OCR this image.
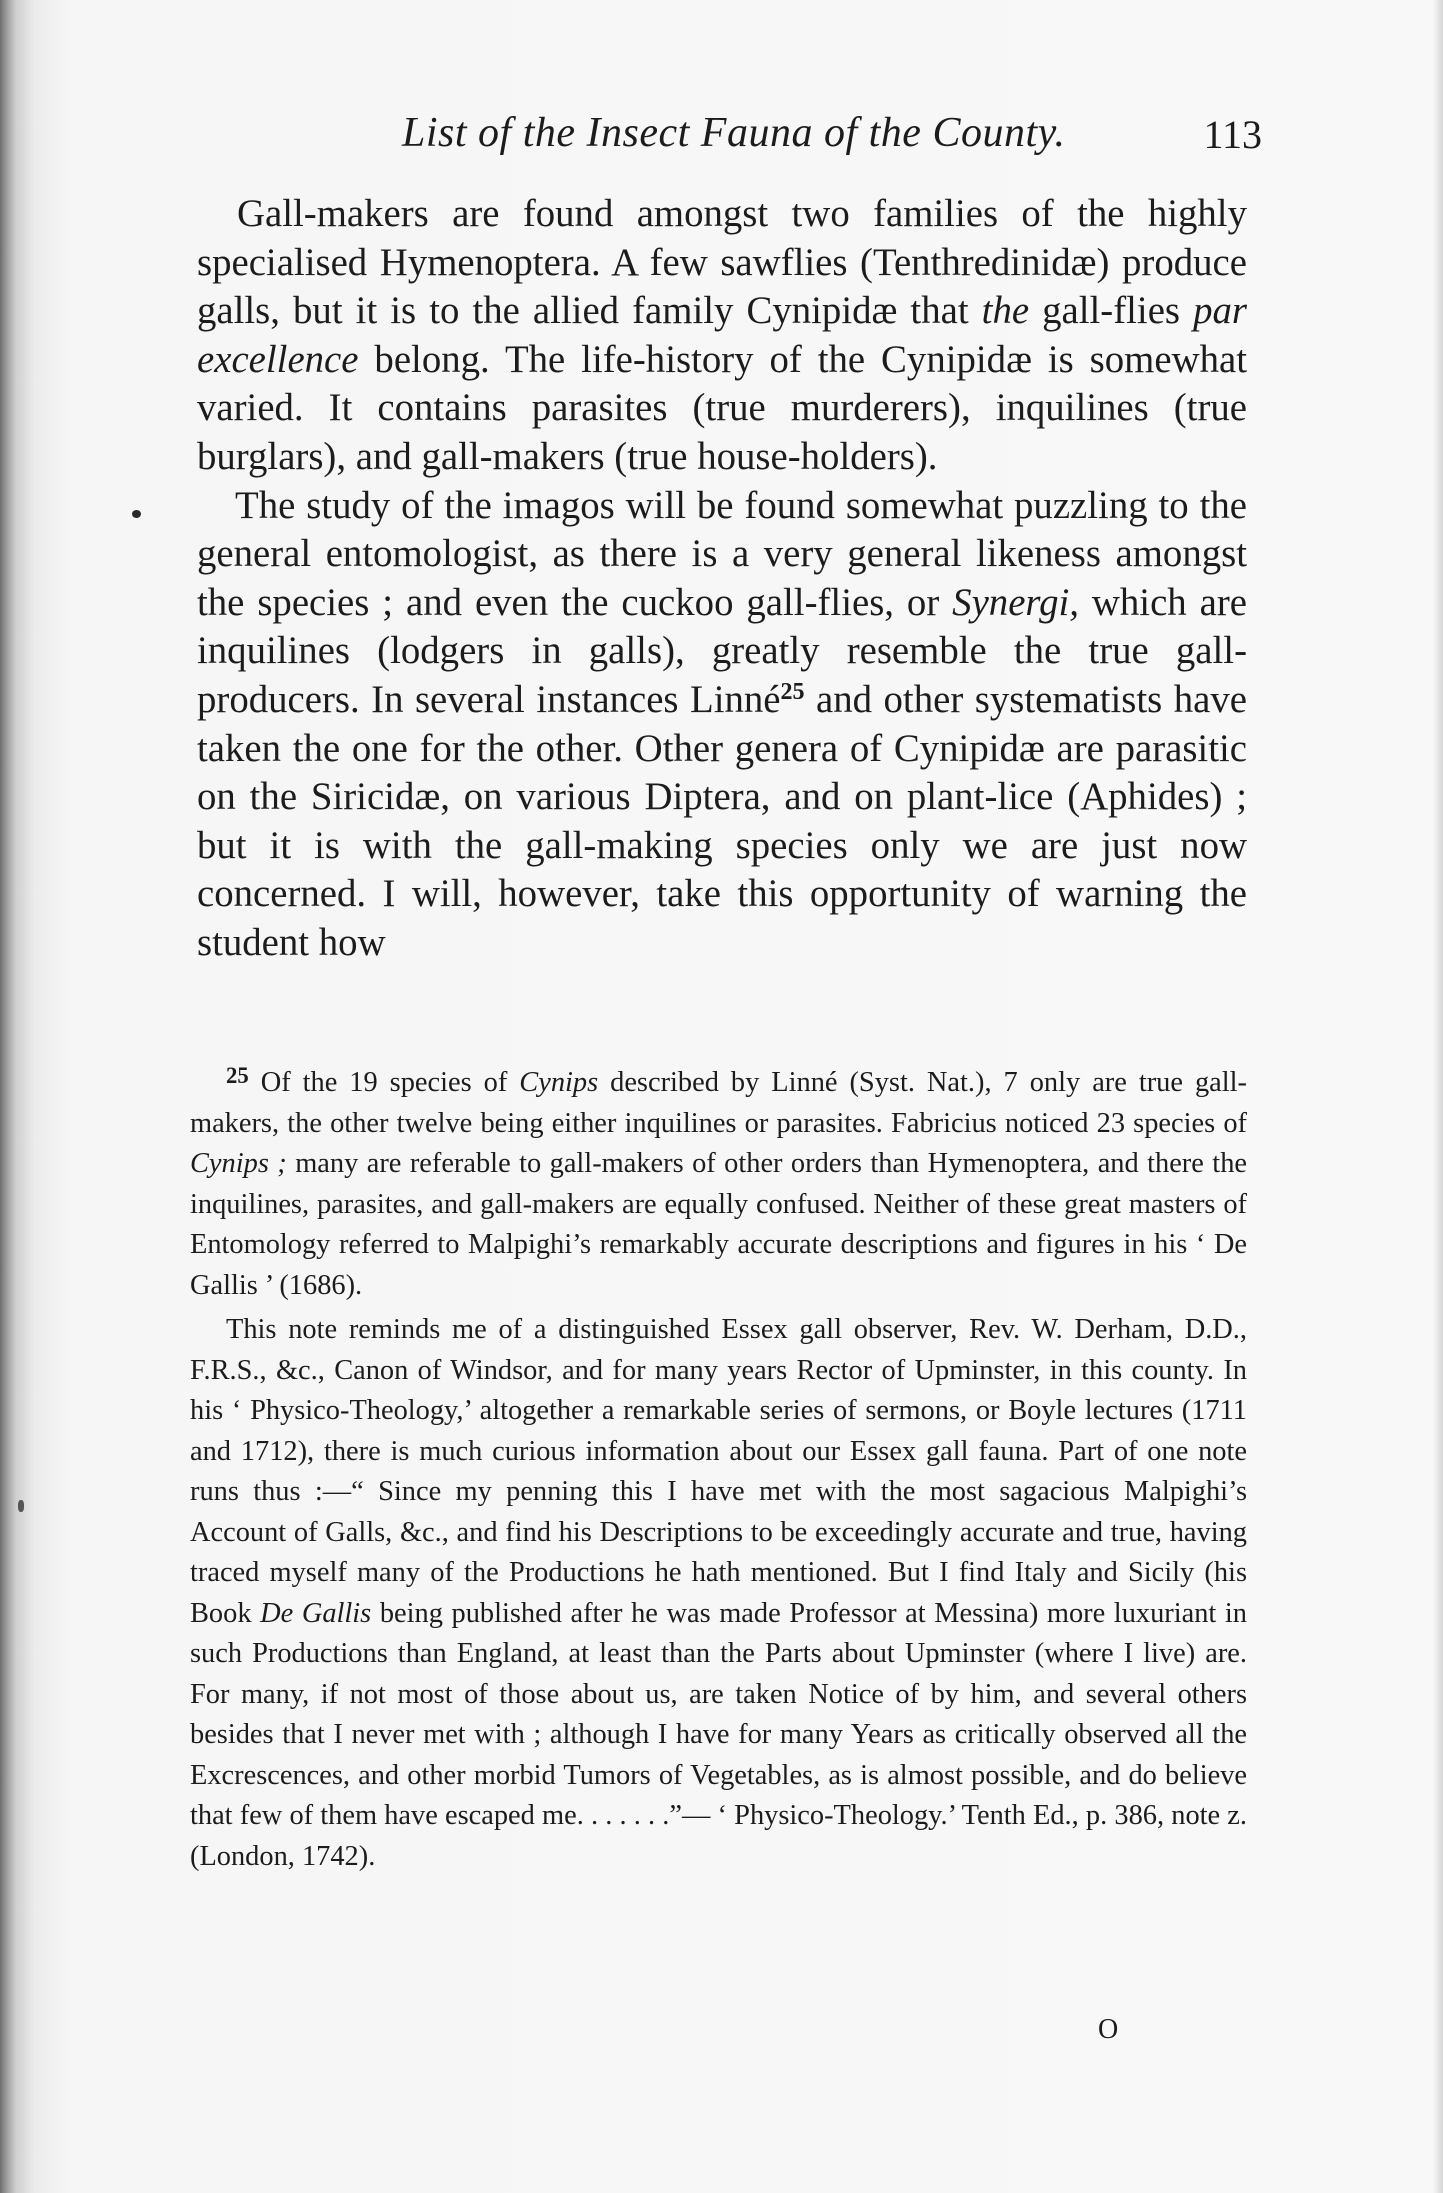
List of the Insect Fauna of the County.	113

Gall-makers are found amongst two families of the highly specialised Hymenoptera. A few sawflies (Tenthredinidæ) produce galls, but it is to the allied family Cynipidæ that the gall-flies par excellence belong. The life-history of the Cynipidæ is somewhat varied. It contains parasites (true murderers), inquilines (true burglars), and gall-makers (true house-holders).

The study of the imagos will be found somewhat puzzling to the general entomologist, as there is a very general likeness amongst the species ; and even the cuckoo gall-flies, or Synergi, which are inquilines (lodgers in galls), greatly resemble the true gall-producers. In several instances Linné$^{25}$ and other systematists have taken the one for the other. Other genera of Cynipidæ are parasitic on the Siricidæ, on various Diptera, and on plant-lice (Aphides) ; but it is with the gall-making species only we are just now concerned. I will, however, take this opportunity of warning the student how

$^{25}$ Of the 19 species of Cynips described by Linné (Syst. Nat.), 7 only are true gall-makers, the other twelve being either inquilines or parasites. Fabricius noticed 23 species of Cynips ; many are referable to gall-makers of other orders than Hymenoptera, and there the inquilines, parasites, and gall-makers are equally confused. Neither of these great masters of Entomology referred to Malpighi’s remarkably accurate descriptions and figures in his ‘ De Gallis ’ (1686).

This note reminds me of a distinguished Essex gall observer, Rev. W. Derham, D.D., F.R.S., &c., Canon of Windsor, and for many years Rector of Upminster, in this county. In his ‘ Physico-Theology,’ altogether a remarkable series of sermons, or Boyle lectures (1711 and 1712), there is much curious information about our Essex gall fauna. Part of one note runs thus :—“ Since my penning this I have met with the most sagacious Malpighi’s Account of Galls, &c., and find his Descriptions to be exceedingly accurate and true, having traced myself many of the Productions he hath mentioned. But I find Italy and Sicily (his Book De Gallis being published after he was made Professor at Messina) more luxuriant in such Productions than England, at least than the Parts about Upminster (where I live) are. For many, if not most of those about us, are taken Notice of by him, and several others besides that I never met with ; although I have for many Years as critically observed all the Excrescences, and other morbid Tumors of Vegetables, as is almost possible, and do believe that few of them have escaped me. . . . . . .”— ‘ Physico-Theology.’ Tenth Ed., p. 386, note z. (London, 1742).

O
